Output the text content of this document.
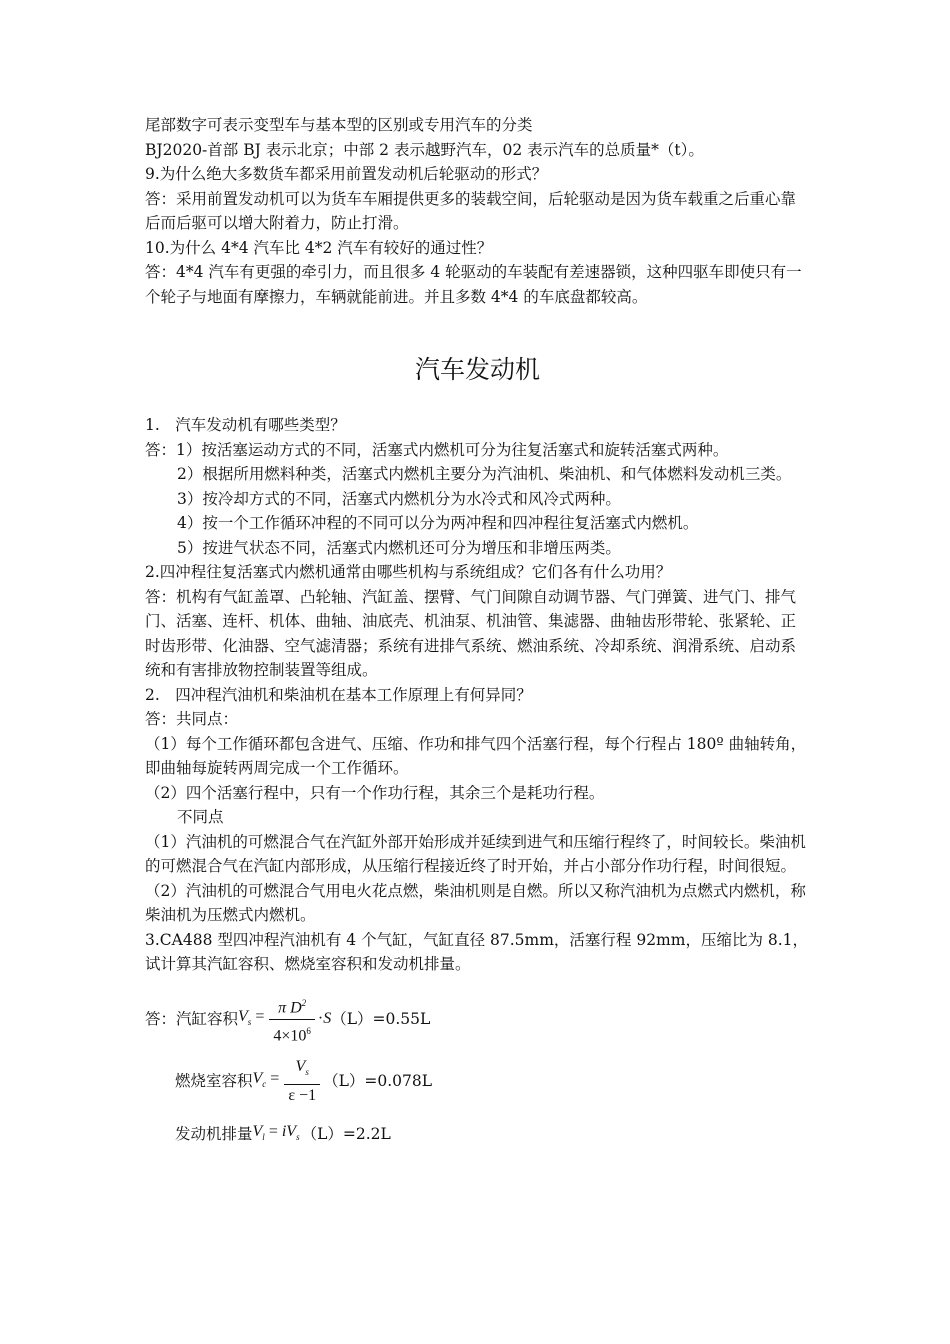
尾部数字可表示变型车与基本型的区别或专用汽车的分类

BJ2020-首部 BJ 表示北京；中部 2 表示越野汽车，02 表示汽车的总质量*（t）。

9.为什么绝大多数货车都采用前置发动机后轮驱动的形式？

答：采用前置发动机可以为货车车厢提供更多的装载空间，后轮驱动是因为货车载重之后重心靠后而后驱可以增大附着力，防止打滑。

10.为什么 4*4 汽车比 4*2 汽车有较好的通过性？

答：4*4 汽车有更强的牵引力，而且很多 4 轮驱动的车装配有差速器锁，这种四驱车即使只有一个轮子与地面有摩擦力，车辆就能前进。并且多数 4*4 的车底盘都较高。

汽车发动机

1.　汽车发动机有哪些类型？

答：1）按活塞运动方式的不同，活塞式内燃机可分为往复活塞式和旋转活塞式两种。

2）根据所用燃料种类，活塞式内燃机主要分为汽油机、柴油机、和气体燃料发动机三类。

3）按冷却方式的不同，活塞式内燃机分为水冷式和风冷式两种。

4）按一个工作循环冲程的不同可以分为两冲程和四冲程往复活塞式内燃机。

5）按进气状态不同，活塞式内燃机还可分为增压和非增压两类。

2.四冲程往复活塞式内燃机通常由哪些机构与系统组成？它们各有什么功用？

答：机构有气缸盖罩、凸轮轴、汽缸盖、摆臂、气门间隙自动调节器、气门弹簧、进气门、排气门、活塞、连杆、机体、曲轴、油底壳、机油泵、机油管、集滤器、曲轴齿形带轮、张紧轮、正时齿形带、化油器、空气滤清器；系统有进排气系统、燃油系统、冷却系统、润滑系统、启动系统和有害排放物控制装置等组成。

2.　四冲程汽油机和柴油机在基本工作原理上有何异同？

答：共同点：

（1）每个工作循环都包含进气、压缩、作功和排气四个活塞行程，每个行程占 180º 曲轴转角，即曲轴每旋转两周完成一个工作循环。

（2）四个活塞行程中，只有一个作功行程，其余三个是耗功行程。

不同点

（1）汽油机的可燃混合气在汽缸外部开始形成并延续到进气和压缩行程终了，时间较长。柴油机的可燃混合气在汽缸内部形成，从压缩行程接近终了时开始，并占小部分作功行程，时间很短。

（2）汽油机的可燃混合气用电火花点燃，柴油机则是自燃。所以又称汽油机为点燃式内燃机，称柴油机为压燃式内燃机。

3.CA488 型四冲程汽油机有 4 个气缸，气缸直径 87.5mm，活塞行程 92mm，压缩比为 8.1，试计算其汽缸容积、燃烧室容积和发动机排量。

答：汽缸容积 $V_s = \frac{\pi D^2}{4\times 10^6} \cdot S$ （L）=0.55L
燃烧室容积 $V_c = \frac{V_s}{\varepsilon -1} (L)=0.078L$
发动机排量 $V_l = iV_s$ （L）=2.2L
